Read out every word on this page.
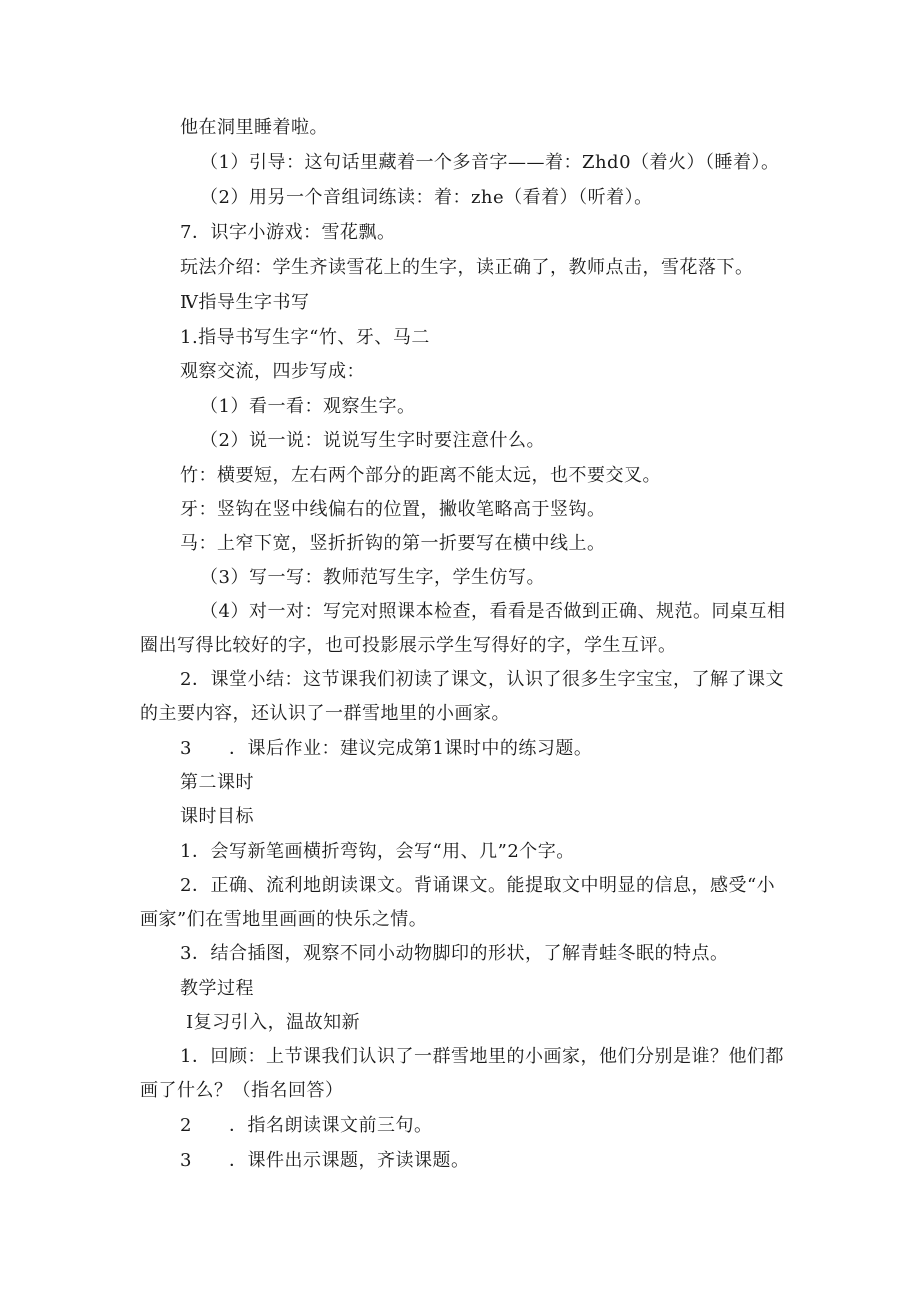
他在洞里睡着啦。
（1）引导：这句话里藏着一个多音字——着：Zhd0（着火）（睡着）。
（2）用另一个音组词练读：着：zhe（看着）（听着）。
7．识字小游戏：雪花飘。
玩法介绍：学生齐读雪花上的生字，读正确了，教师点击，雪花落下。
Ⅳ指导生字书写
1.指导书写生字“竹、牙、马二
观察交流，四步写成：
（1）看一看：观察生字。
（2）说一说：说说写生字时要注意什么。
竹：横要短，左右两个部分的距离不能太远，也不要交叉。
牙：竖钩在竖中线偏右的位置，撇收笔略高于竖钩。
马：上窄下宽，竖折折钩的第一折要写在横中线上。
（3）写一写：教师范写生字，学生仿写。
（4）对一对：写完对照课本检查，看看是否做到正确、规范。同桌互相
圈出写得比较好的字，也可投影展示学生写得好的字，学生互评。
2．课堂小结：这节课我们初读了课文，认识了很多生字宝宝，了解了课文
的主要内容，还认识了一群雪地里的小画家。
3　　．课后作业：建议完成第1课时中的练习题。
第二课时
课时目标
1．会写新笔画横折弯钩，会写“用、几”2个字。
2．正确、流利地朗读课文。背诵课文。能提取文中明显的信息，感受“小
画家”们在雪地里画画的快乐之情。
3．结合插图，观察不同小动物脚印的形状，了解青蛙冬眠的特点。
教学过程
Ⅰ复习引入，温故知新
1．回顾：上节课我们认识了一群雪地里的小画家，他们分别是谁？他们都
画了什么？（指名回答）
2　　．指名朗读课文前三句。
3　　．课件出示课题，齐读课题。
